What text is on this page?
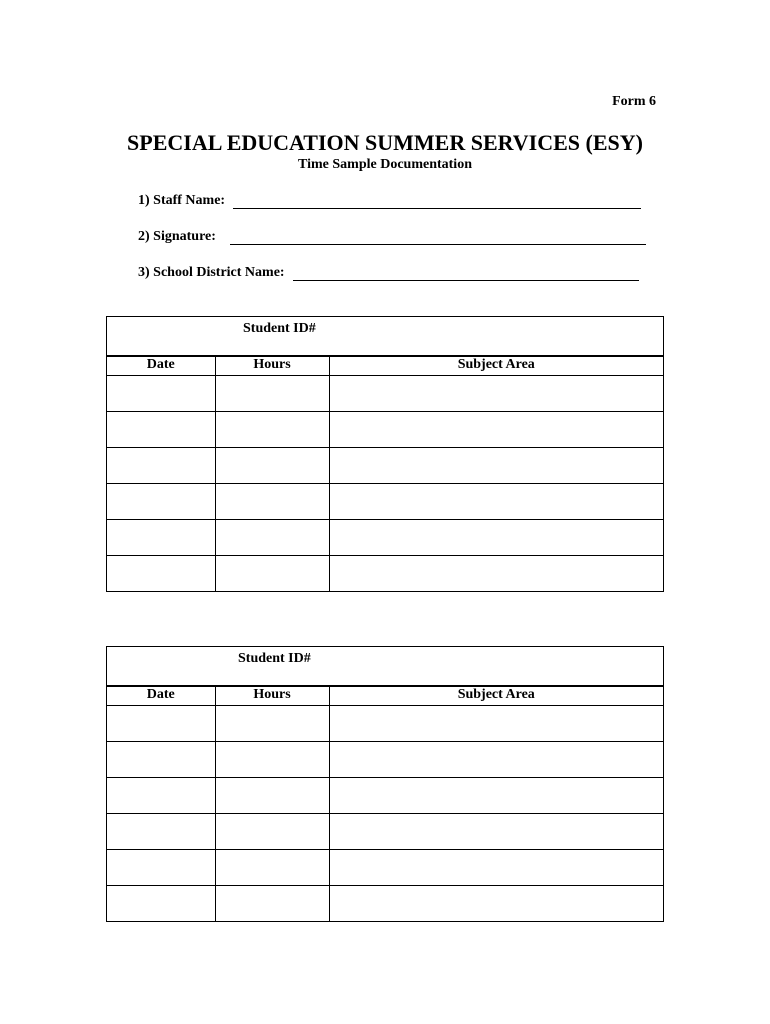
Form 6
SPECIAL EDUCATION SUMMER SERVICES (ESY)
Time Sample Documentation
1) Staff Name:
2) Signature:
3) School District Name:
Student ID#
Date	Hours	Subject Area

Student ID#
Date	Hours	Subject Area
